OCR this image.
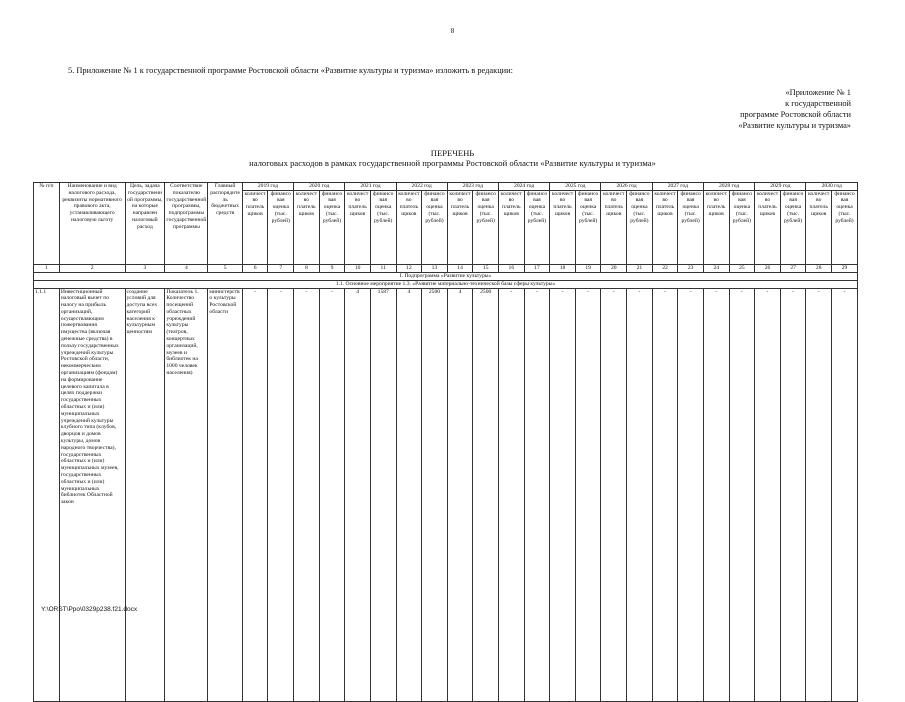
8
5. Приложение № 1 к государственной программе Ростовской области «Развитие культуры и туризма» изложить в редакции:
«Приложение № 1
к государственной
программе Ростовской области
«Развитие культуры и туризма»
ПЕРЕЧЕНЬ
налоговых расходов в рамках государственной программы Ростовской области «Развитие культуры и туризма»
№ п/п	Наименование и вид налогового расхода, реквизиты нормативного правового акта, устанавливающего налоговую льготу	Цель, задача государственной программы, на которые направлен налоговый расход	Соответствие показателю государственной программы, подпрограммы государственной программы	Главный распорядитель бюджетных средств	2019 год		2020 год		2021 год		2022 год		2023 год		2024 год		2025 год		2026 год		2027 год		2028 год		2029 год		2030 год	
					количество плательщиков	финансовая оценка (тыс. рублей)	количество плательщиков	финансовая оценка (тыс. рублей)	количество плательщиков	финансовая оценка (тыс. рублей)	количество плательщиков	финансовая оценка (тыс. рублей)	количество плательщиков	финансовая оценка (тыс. рублей)	количество плательщиков	финансовая оценка (тыс. рублей)	количество плательщиков	финансовая оценка (тыс. рублей)	количество плательщиков	финансовая оценка (тыс. рублей)	количество плательщиков	финансовая оценка (тыс. рублей)	количество плательщиков	финансовая оценка (тыс. рублей)	количество плательщиков	финансовая оценка (тыс. рублей)	количество плательщиков	финансовая оценка (тыс. рублей)
1	2	3	4	5	6	7	8	9	10	11	12	13	14	15	16	17	18	19	20	21	22	23	24	25	26	27	28	29
I. Подпрограмма «Развитие культуры»																												
1.1. Основное мероприятие 1.3. «Развитие материально-технической базы сферы культуры»																												
1.1.1	Инвестиционный налоговый вычет по налогу на прибыль организаций, осуществляющим пожертвования имущества (включая денежные средства) в пользу государственных учреждений культуры Ростовской области, некоммерческим организациям (фондам) на формирование целевого капитала в целях поддержки государственных областных и (или) муниципальных учреждений культуры клубного типа (клубов, дворцов и домов культуры, домов народного творчества), государственных областных и (или) муниципальных музеев, государственных областных и (или) муниципальных библиотек Областной закон	создание условий для доступа всех категорий населения к культурным ценностям	Показатель 1. Количество посещений областных учреждений культуры (театров, концертных организаций, музеев и библиотек на 1000 человек населения)	министерство культуры Ростовской области	-	-	-	-	4	1587	4	2500	4	2500	-	-	-	-	-	-	-	-	-	-	-	-	-	-
Y:\ORST\Ppo\0329p238.f21.docx
